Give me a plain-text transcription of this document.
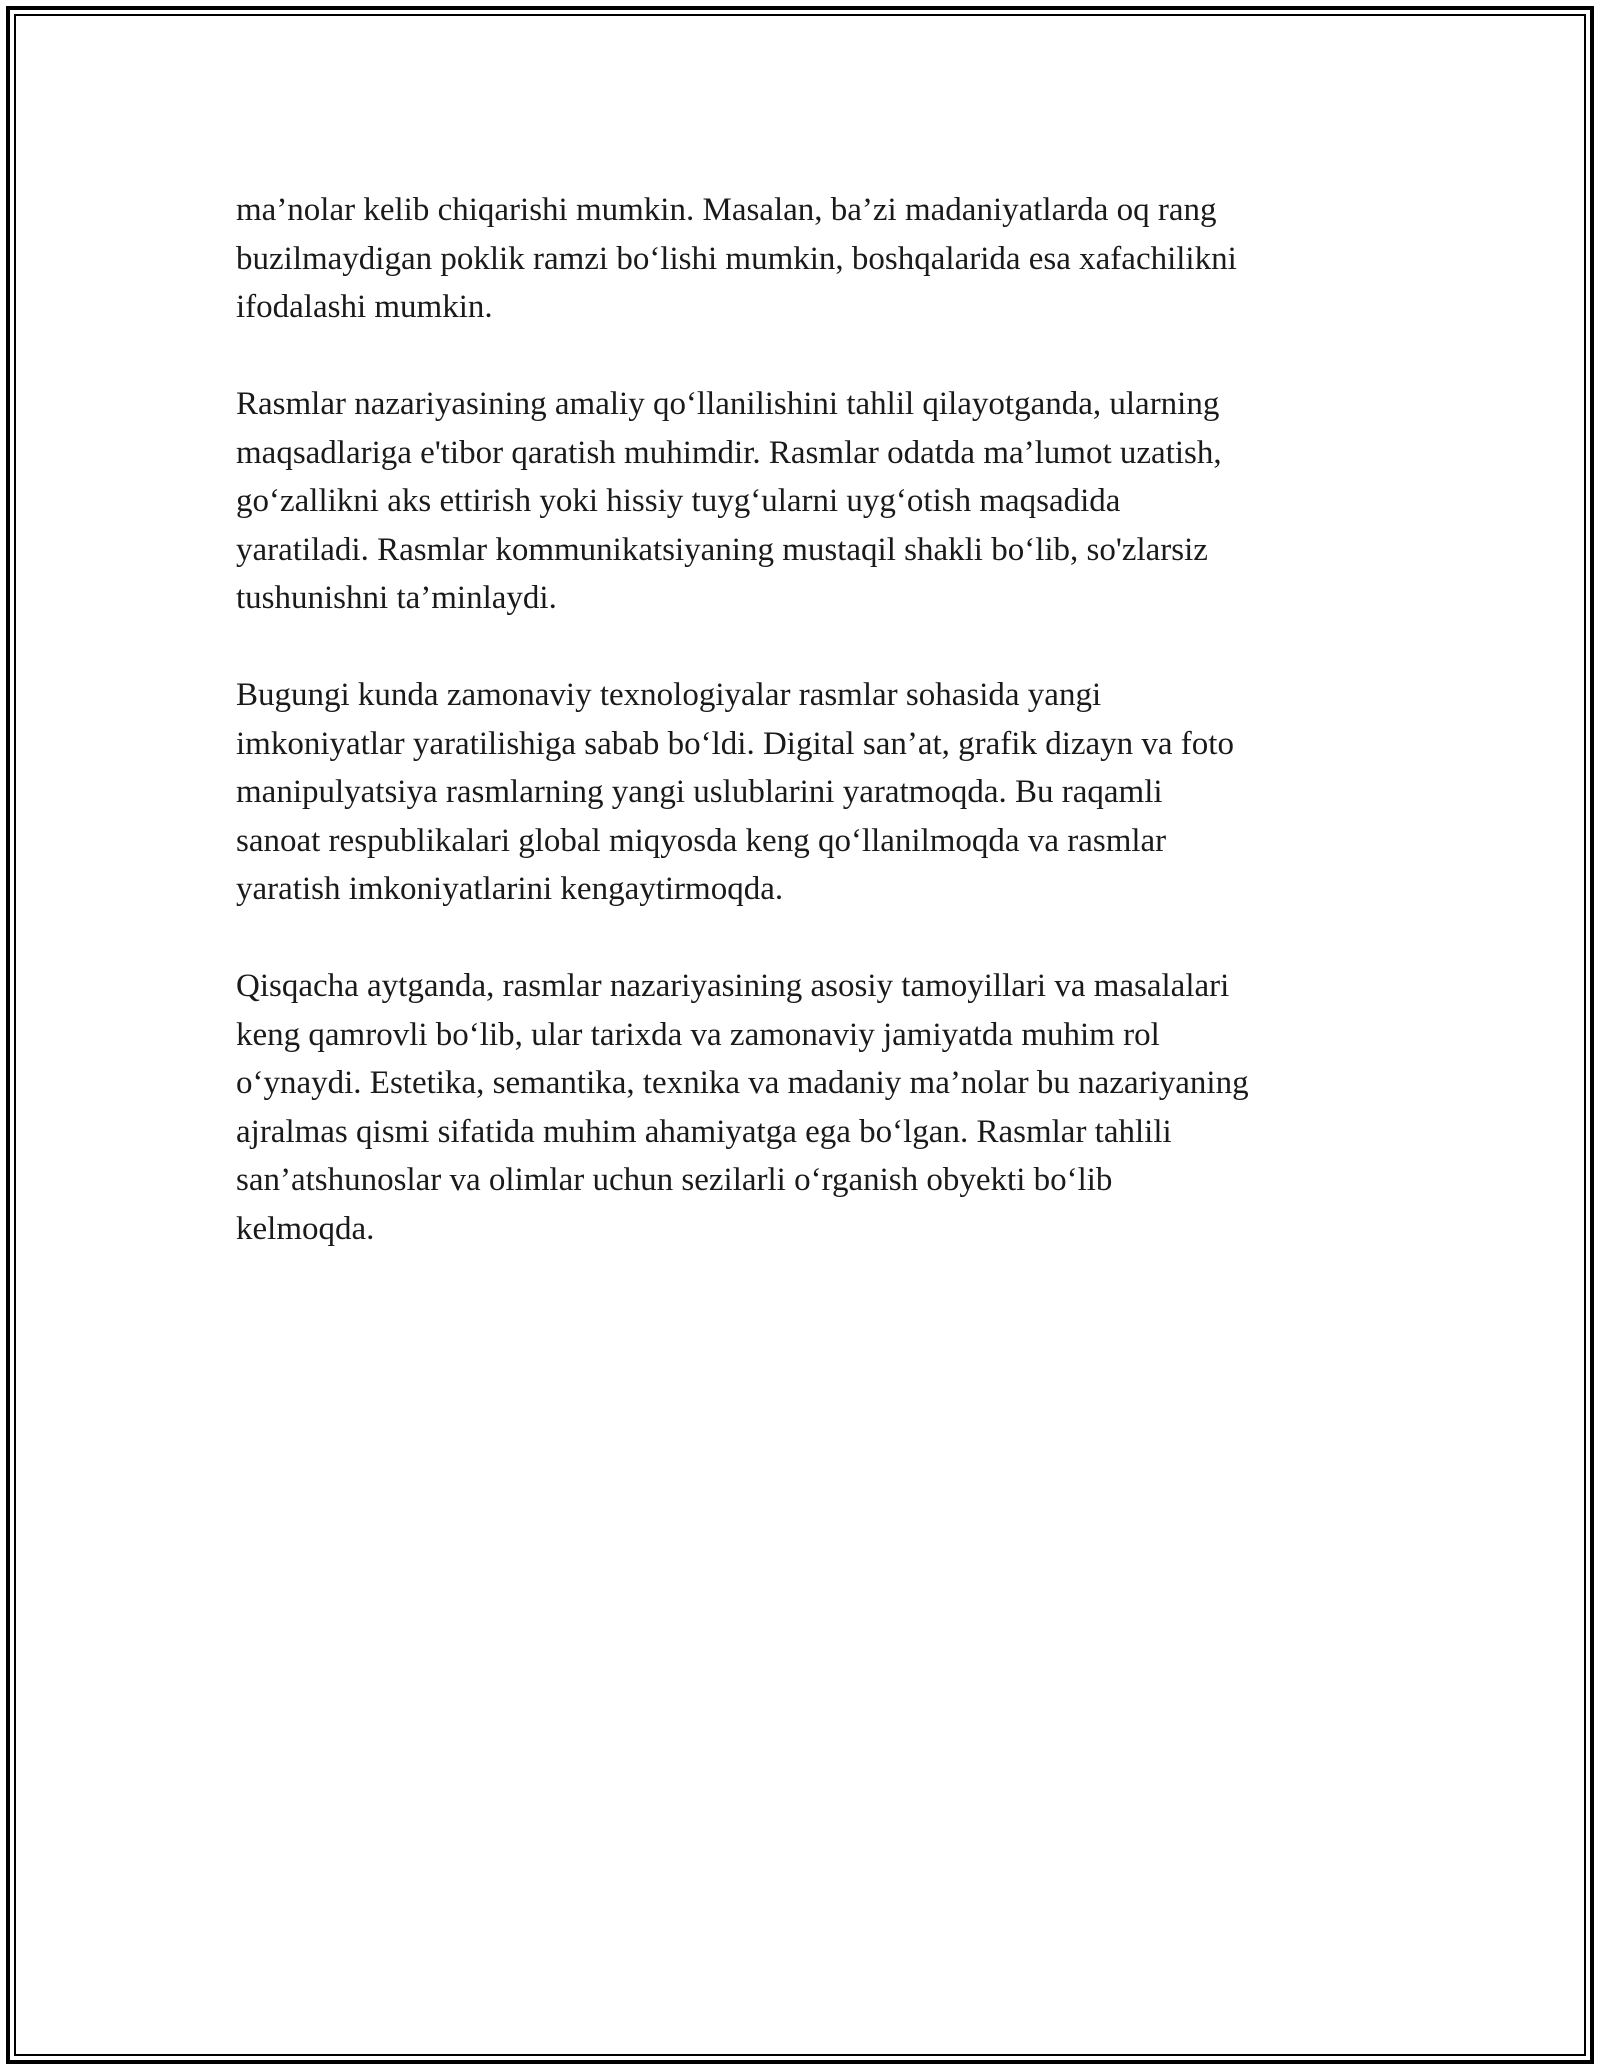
ma’nolar kelib chiqarishi mumkin. Masalan, ba’zi madaniyatlarda oq rang
buzilmaydigan poklik ramzi bo‘lishi mumkin, boshqalarida esa xafachilikni
ifodalashi mumkin.

Rasmlar nazariyasining amaliy qo‘llanilishini tahlil qilayotganda, ularning
maqsadlariga e'tibor qaratish muhimdir. Rasmlar odatda ma’lumot uzatish,
go‘zallikni aks ettirish yoki hissiy tuyg‘ularni uyg‘otish maqsadida
yaratiladi. Rasmlar kommunikatsiyaning mustaqil shakli bo‘lib, so'zlarsiz
tushunishni ta’minlaydi.

Bugungi kunda zamonaviy texnologiyalar rasmlar sohasida yangi
imkoniyatlar yaratilishiga sabab bo‘ldi. Digital san’at, grafik dizayn va foto
manipulyatsiya rasmlarning yangi uslublarini yaratmoqda. Bu raqamli
sanoat respublikalari global miqyosda keng qo‘llanilmoqda va rasmlar
yaratish imkoniyatlarini kengaytirmoqda.

Qisqacha aytganda, rasmlar nazariyasining asosiy tamoyillari va masalalari
keng qamrovli bo‘lib, ular tarixda va zamonaviy jamiyatda muhim rol
o‘ynaydi. Estetika, semantika, texnika va madaniy ma’nolar bu nazariyaning
ajralmas qismi sifatida muhim ahamiyatga ega bo‘lgan. Rasmlar tahlili
san’atshunoslar va olimlar uchun sezilarli o‘rganish obyekti bo‘lib
kelmoqda.
